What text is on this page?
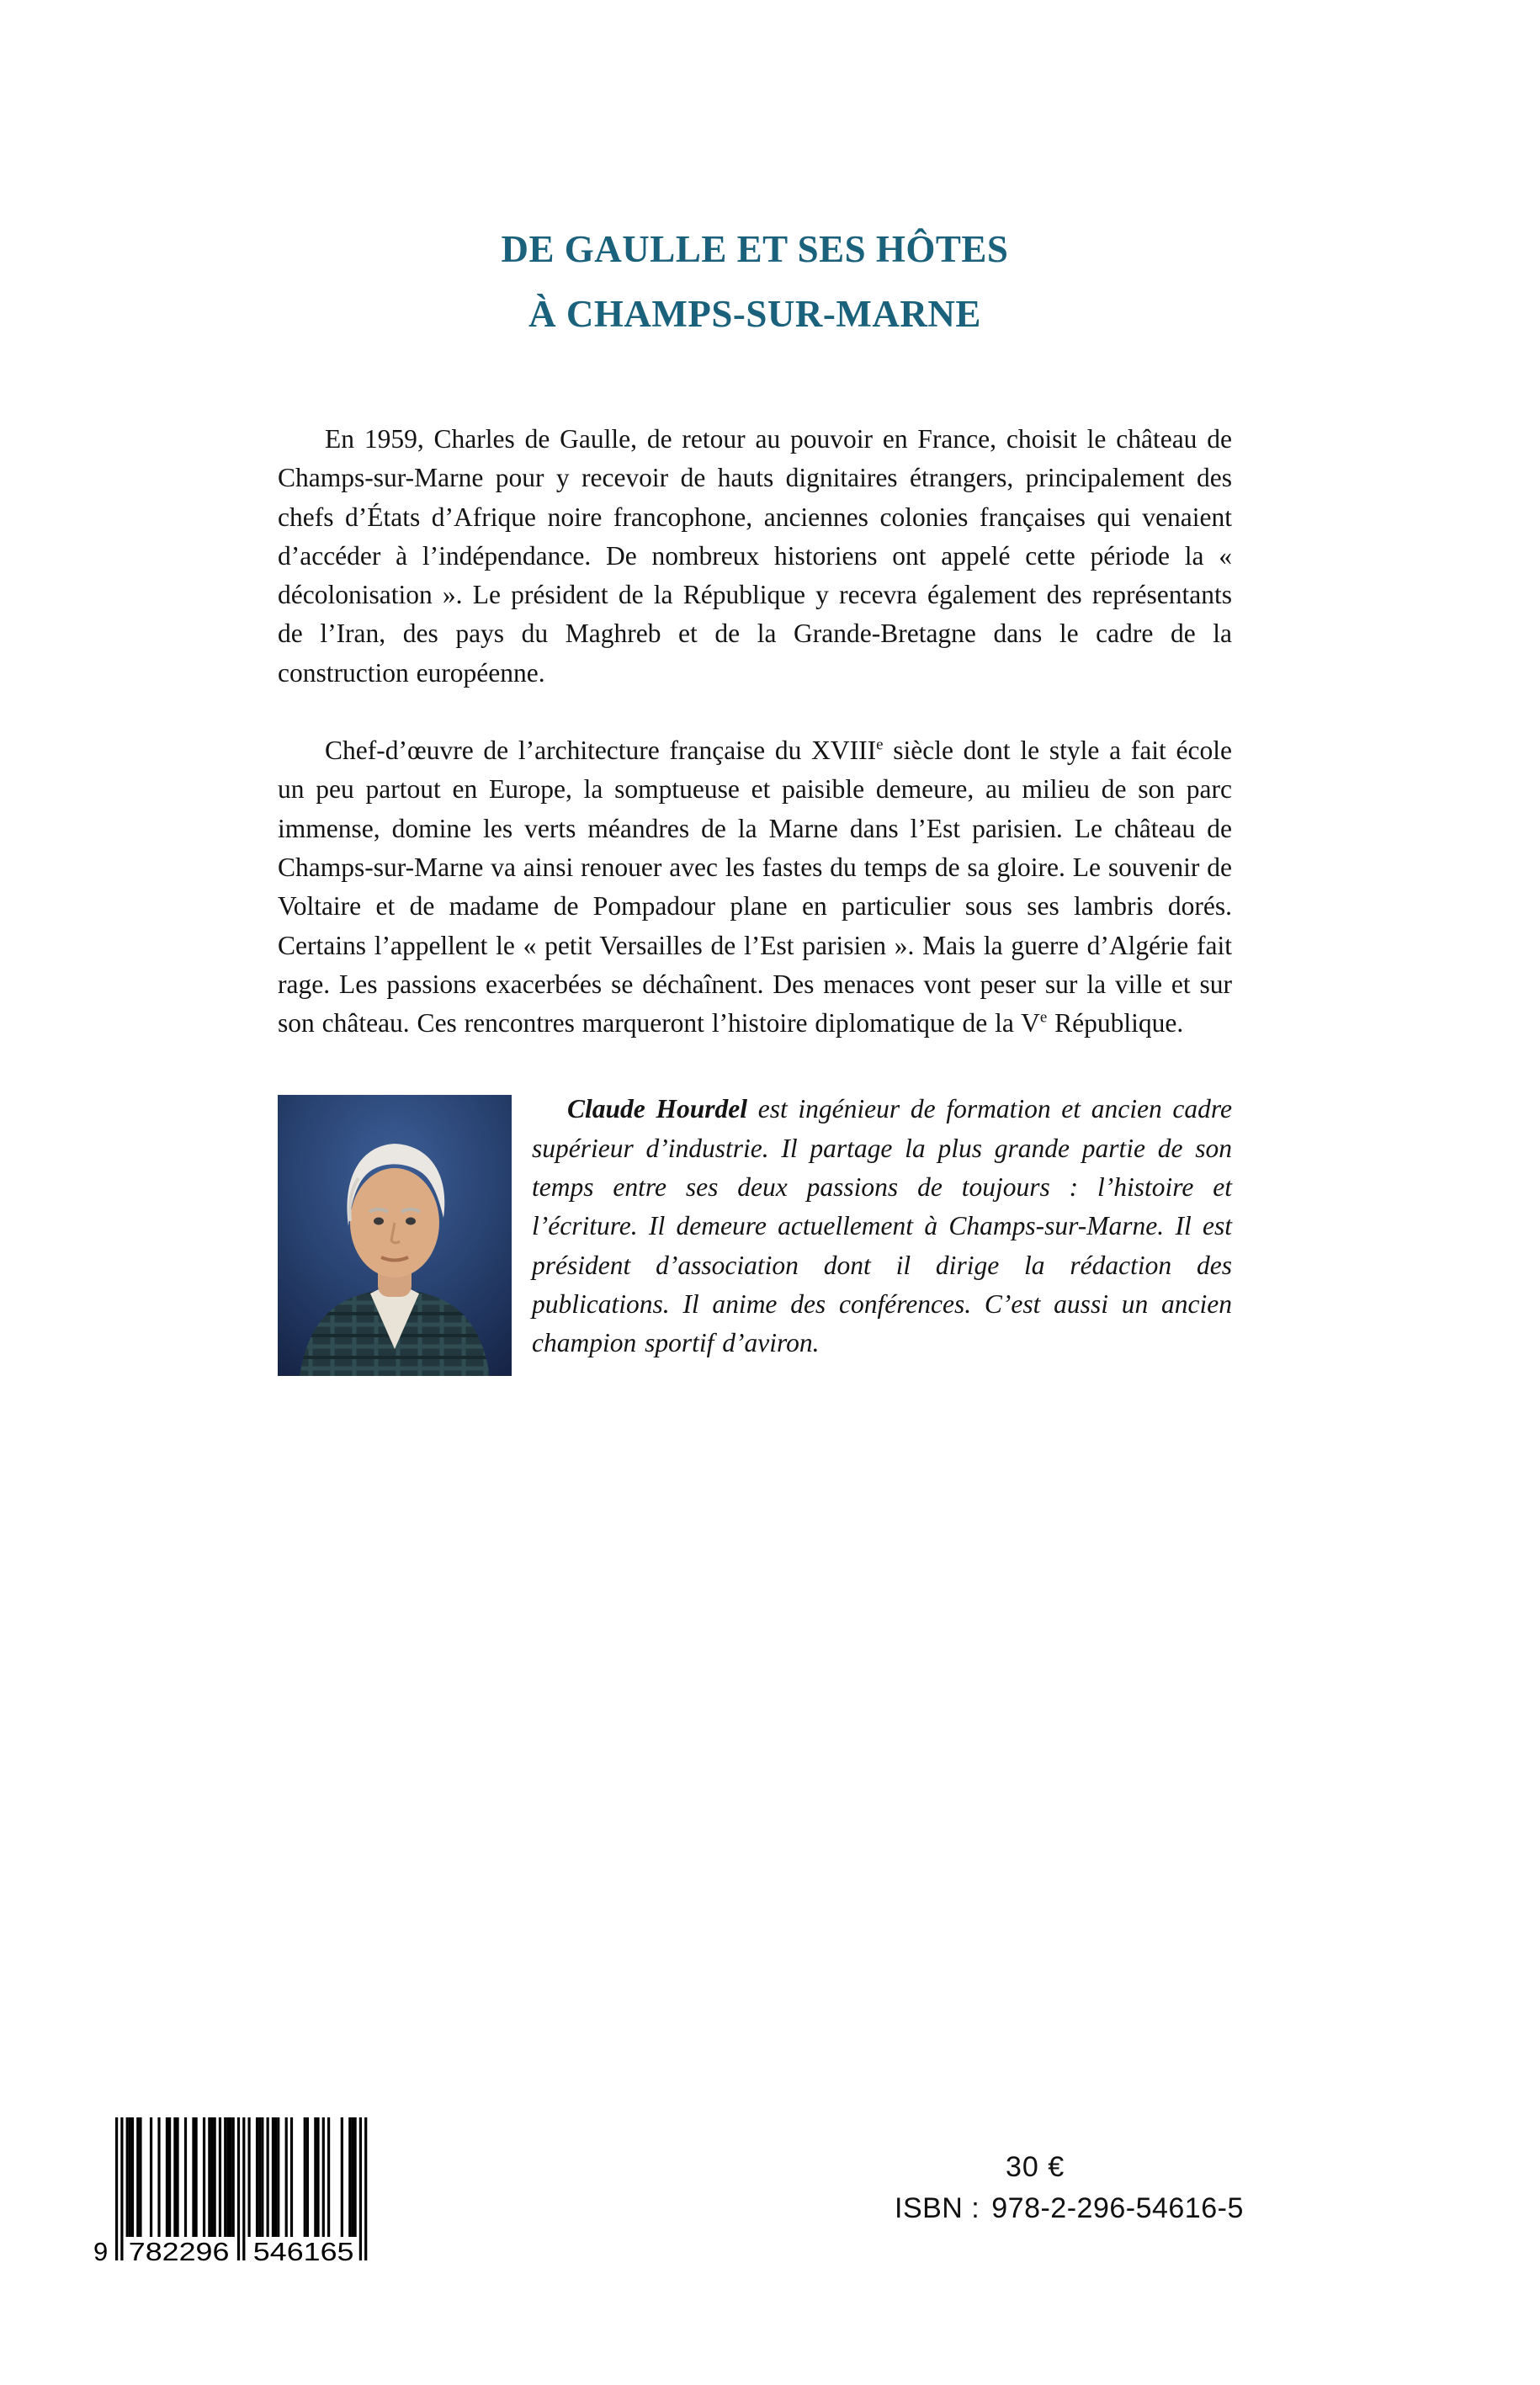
DE GAULLE ET SES HÔTES
À CHAMPS-SUR-MARNE

En 1959, Charles de Gaulle, de retour au pouvoir en France, choisit le château de Champs-sur-Marne pour y recevoir de hauts dignitaires étrangers, principalement des chefs d’États d’Afrique noire francophone, anciennes colonies françaises qui venaient d’accéder à l’indépendance. De nombreux historiens ont appelé cette période la « décolonisation ». Le président de la République y recevra également des représentants de l’Iran, des pays du Maghreb et de la Grande-Bretagne dans le cadre de la construction européenne.

Chef-d’œuvre de l’architecture française du XVIIIe siècle dont le style a fait école un peu partout en Europe, la somptueuse et paisible demeure, au milieu de son parc immense, domine les verts méandres de la Marne dans l’Est parisien. Le château de Champs-sur-Marne va ainsi renouer avec les fastes du temps de sa gloire. Le souvenir de Voltaire et de madame de Pompadour plane en particulier sous ses lambris dorés. Certains l’appellent le « petit Versailles de l’Est parisien ». Mais la guerre d’Algérie fait rage. Les passions exacerbées se déchaînent. Des menaces vont peser sur la ville et sur son château. Ces rencontres marqueront l’histoire diplomatique de la Ve République.

Claude Hourdel est ingénieur de formation et ancien cadre supérieur d’industrie. Il partage la plus grande partie de son temps entre ses deux passions de toujours : l’histoire et l’écriture. Il demeure actuellement à Champs-sur-Marne. Il est président d’association dont il dirige la rédaction des publications. Il anime des conférences. C’est aussi un ancien champion sportif d’aviron.
9 782296 546165
30 €
ISBN : 978-2-296-54616-5
